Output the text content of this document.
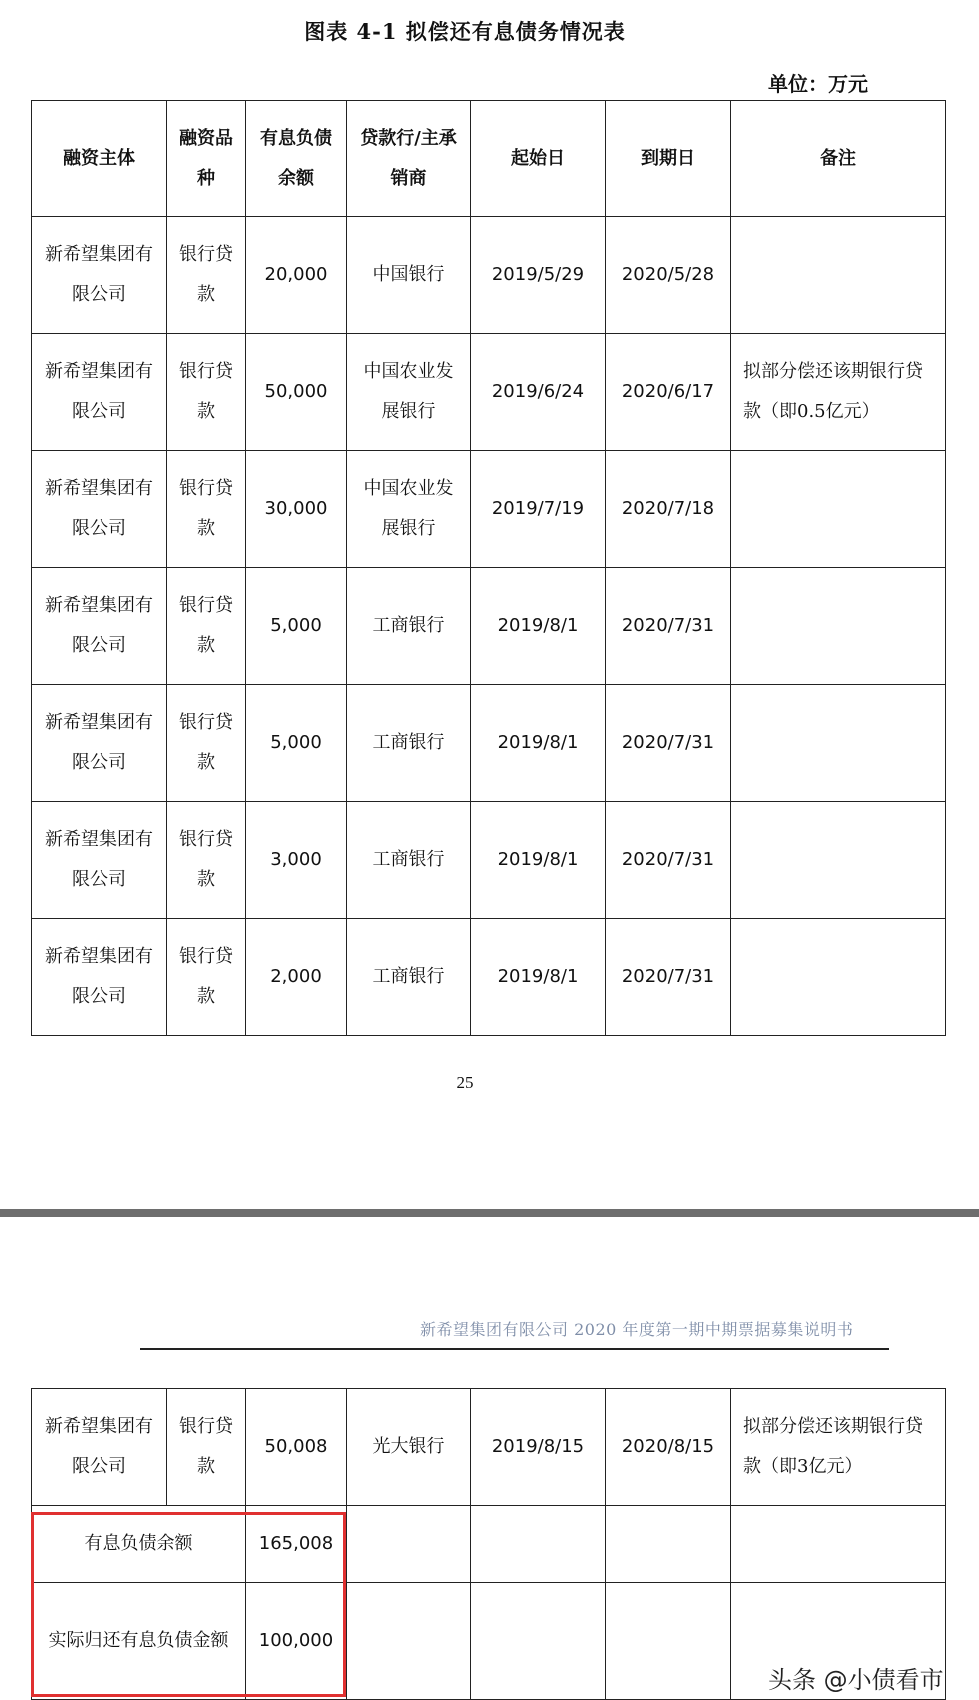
图表 4-1 拟偿还有息债务情况表
单位：万元
融资主体	融资品种	有息负债余额	贷款行/主承销商	起始日	到期日	备注
新希望集团有限公司	银行贷款	20,000	中国银行	2019/5/29	2020/5/28	
新希望集团有限公司	银行贷款	50,000	中国农业发展银行	2019/6/24	2020/6/17	拟部分偿还该期银行贷款（即0.5亿元）
新希望集团有限公司	银行贷款	30,000	中国农业发展银行	2019/7/19	2020/7/18	
新希望集团有限公司	银行贷款	5,000	工商银行	2019/8/1	2020/7/31	
新希望集团有限公司	银行贷款	5,000	工商银行	2019/8/1	2020/7/31	
新希望集团有限公司	银行贷款	3,000	工商银行	2019/8/1	2020/7/31	
新希望集团有限公司	银行贷款	2,000	工商银行	2019/8/1	2020/7/31	
25
新希望集团有限公司 2020 年度第一期中期票据募集说明书
新希望集团有限公司	银行贷款	50,008	光大银行	2019/8/15	2020/8/15	拟部分偿还该期银行贷款（即3亿元）
有息负债余额		165,008				
实际归还有息负债金额		100,000				
头条 @小债看市
